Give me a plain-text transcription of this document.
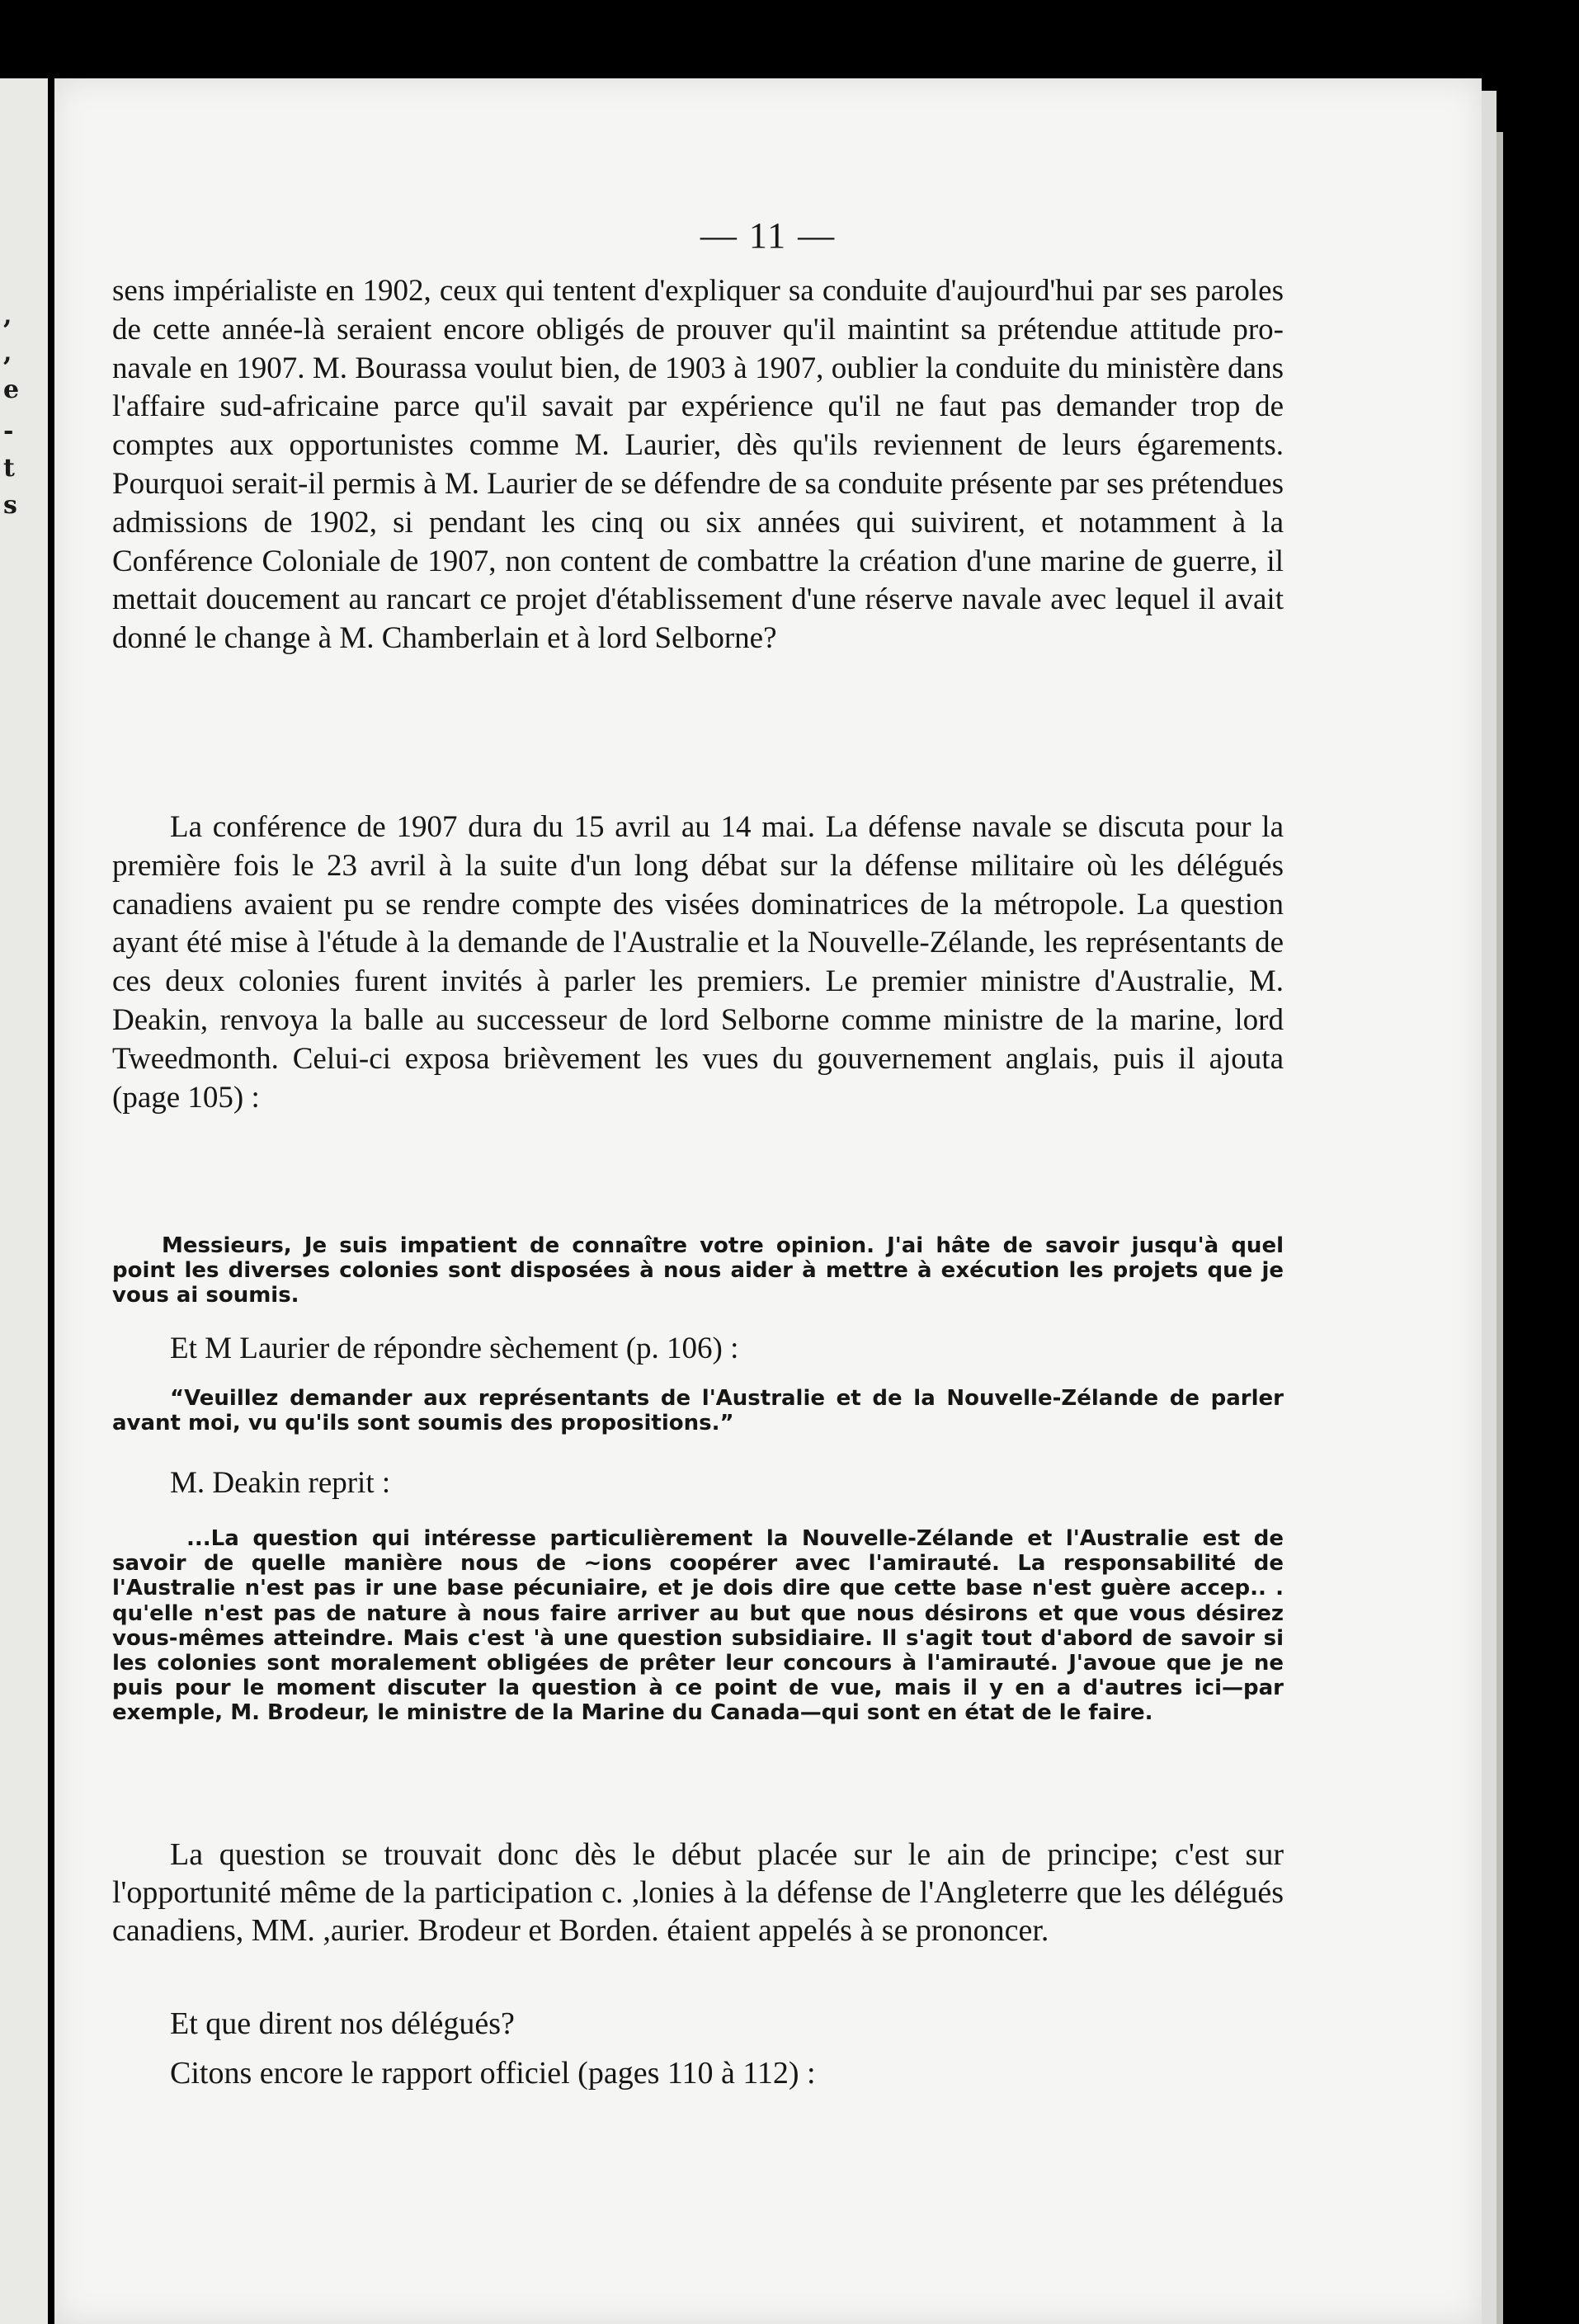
,
,
e
-
t
s
— 11 —

sens impérialiste en 1902, ceux qui tentent d'expliquer sa conduite d'aujourd'hui par ses paroles de cette année-là seraient encore obligés de prouver qu'il maintint sa prétendue attitude pro-navale en 1907. M. Bourassa voulut bien, de 1903 à 1907, oublier la conduite du ministère dans l'affaire sud-africaine parce qu'il savait par expérience qu'il ne faut pas demander trop de comptes aux opportunistes comme M. Laurier, dès qu'ils reviennent de leurs égarements. Pourquoi serait-il permis à M. Laurier de se défendre de sa conduite présente par ses prétendues admissions de 1902, si pendant les cinq ou six années qui suivirent, et notamment à la Conférence Coloniale de 1907, non content de combattre la création d'une marine de guerre, il mettait doucement au rancart ce projet d'établissement d'une réserve navale avec lequel il avait donné le change à M. Chamberlain et à lord Selborne?

La conférence de 1907 dura du 15 avril au 14 mai. La défense navale se discuta pour la première fois le 23 avril à la suite d'un long débat sur la défense militaire où les délégués canadiens avaient pu se rendre compte des visées dominatrices de la métropole. La question ayant été mise à l'étude à la demande de l'Australie et la Nouvelle-Zélande, les représentants de ces deux colonies furent invités à parler les premiers. Le premier ministre d'Australie, M. Deakin, renvoya la balle au successeur de lord Selborne comme ministre de la marine, lord Tweedmonth. Celui-ci exposa brièvement les vues du gouvernement anglais, puis il ajouta (page 105) :

Messieurs, Je suis impatient de connaître votre opinion. J'ai hâte de savoir jusqu'à quel point les diverses colonies sont disposées à nous aider à mettre à exécution les projets que je vous ai soumis.

Et M Laurier de répondre sèchement (p. 106) :

“Veuillez demander aux représentants de l'Australie et de la Nouvelle-Zélande de parler avant moi, vu qu'ils sont soumis des propositions.”

M. Deakin reprit :

...La question qui intéresse particulièrement la Nouvelle-Zélande et l'Australie est de savoir de quelle manière nous de ~ions coopérer avec l'amirauté. La responsabilité de l'Australie n'est pas ir une base pécuniaire, et je dois dire que cette base n'est guère accep.. . qu'elle n'est pas de nature à nous faire arriver au but que nous désirons et que vous désirez vous-mêmes atteindre. Mais c'est 'à une question subsidiaire. Il s'agit tout d'abord de savoir si les colonies sont moralement obligées de prêter leur concours à l'amirauté. J'avoue que je ne puis pour le moment discuter la question à ce point de vue, mais il y en a d'autres ici—par exemple, M. Brodeur, le ministre de la Marine du Canada—qui sont en état de le faire.

La question se trouvait donc dès le début placée sur le ain de principe; c'est sur l'opportunité même de la participation c. ,lonies à la défense de l'Angleterre que les délégués canadiens, MM. ,aurier. Brodeur et Borden. étaient appelés à se prononcer.

Et que dirent nos délégués?

Citons encore le rapport officiel (pages 110 à 112) :
